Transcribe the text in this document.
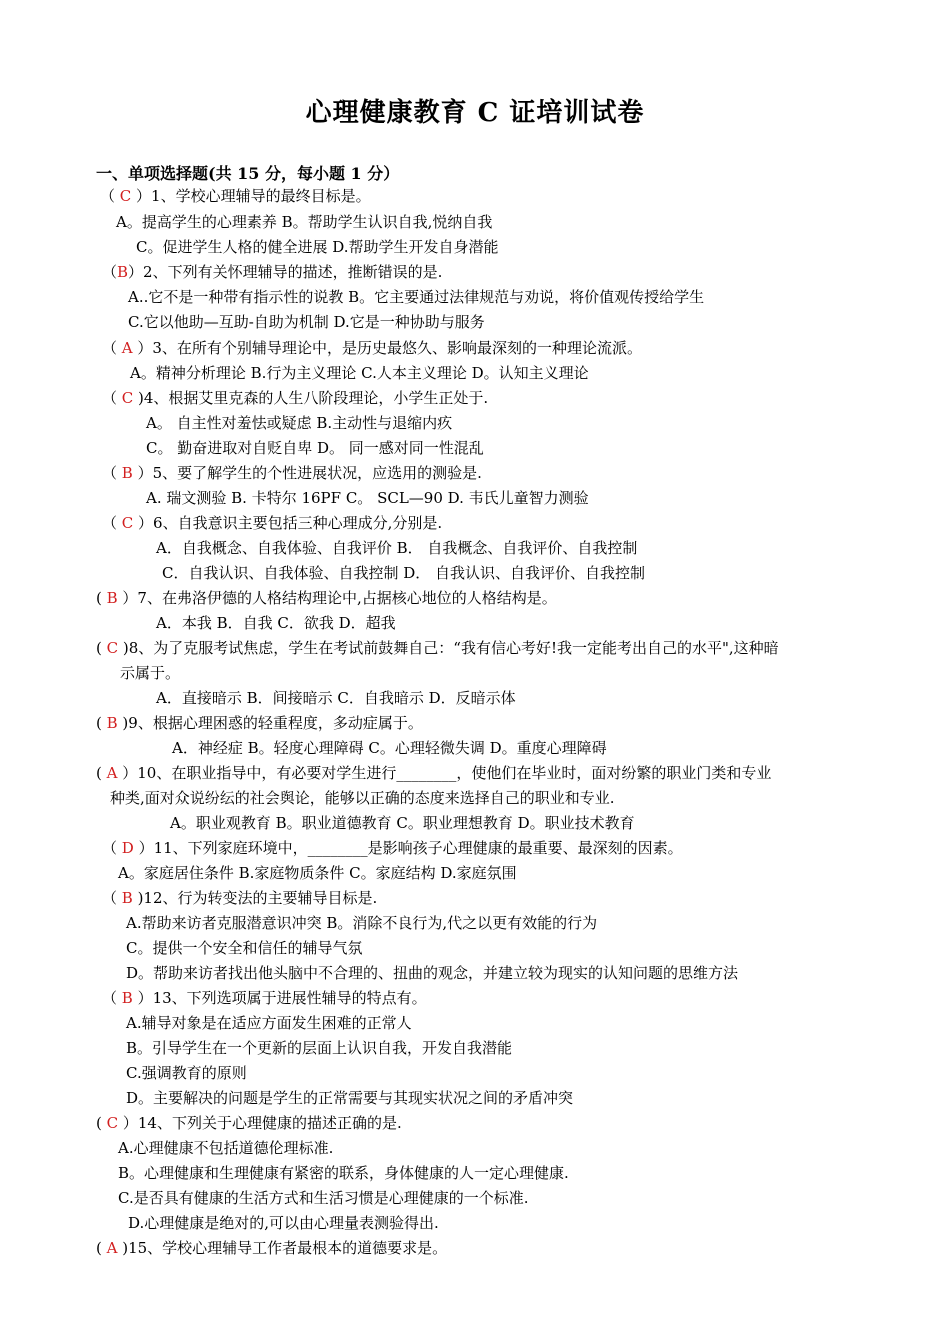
心理健康教育 C 证培训试卷
一、单项选择题(共 15 分，每小题 1 分）
（ C ）1、学校心理辅导的最终目标是。
A。提高学生的心理素养 B。帮助学生认识自我,悦纳自我
C。促进学生人格的健全进展 D.帮助学生开发自身潜能
（B）2、下列有关怀理辅导的描述，推断错误的是.
A..它不是一种带有指示性的说教 B。它主要通过法律规范与劝说，将价值观传授给学生
C.它以他助—互助-自助为机制 D.它是一种协助与服务
（ A ）3、在所有个别辅导理论中，是历史最悠久、影响最深刻的一种理论流派。
A。精神分析理论 B.行为主义理论 C.人本主义理论 D。认知主义理论
（ C )4、根据艾里克森的人生八阶段理论，小学生正处于.
A。 自主性对羞怯或疑虑 B.主动性与退缩内疚
C。 勤奋进取对自贬自卑 D。 同一感对同一性混乱
（ B ）5、要了解学生的个性进展状况，应选用的测验是.
A. 瑞文测验 B. 卡特尔 16PF C。 SCL—90 D. 韦氏儿童智力测验
（ C ）6、自我意识主要包括三种心理成分,分别是.
A．自我概念、自我体验、自我评价 B． 自我概念、自我评价、自我控制
C．自我认识、自我体验、自我控制 D． 自我认识、自我评价、自我控制
( B ）7、在弗洛伊德的人格结构理论中,占据核心地位的人格结构是。
A．本我 B．自我 C．欲我 D．超我
( C )8、为了克服考试焦虑，学生在考试前鼓舞自己：“我有信心考好!我一定能考出自己的水平",这种暗
示属于。
A．直接暗示 B．间接暗示 C．自我暗示 D．反暗示体
( B )9、根据心理困惑的轻重程度，多动症属于。
A．神经症 B。轻度心理障碍 C。心理轻微失调 D。重度心理障碍
( A ）10、在职业指导中，有必要对学生进行________，使他们在毕业时，面对纷繁的职业门类和专业
种类,面对众说纷纭的社会舆论，能够以正确的态度来选择自己的职业和专业.
A。职业观教育 B。职业道德教育 C。职业理想教育 D。职业技术教育
（ D ）11、下列家庭环境中，________是影响孩子心理健康的最重要、最深刻的因素。
A。家庭居住条件 B.家庭物质条件 C。家庭结构 D.家庭氛围
（ B )12、行为转变法的主要辅导目标是.
A.帮助来访者克服潜意识冲突 B。消除不良行为,代之以更有效能的行为
C。提供一个安全和信任的辅导气氛
D。帮助来访者找出他头脑中不合理的、扭曲的观念，并建立较为现实的认知问题的思维方法
（ B ）13、下列选项属于进展性辅导的特点有。
A.辅导对象是在适应方面发生困难的正常人
B。引导学生在一个更新的层面上认识自我，开发自我潜能
C.强调教育的原则
D。主要解决的问题是学生的正常需要与其现实状况之间的矛盾冲突
( C ）14、下列关于心理健康的描述正确的是.
A.心理健康不包括道德伦理标准.
B。心理健康和生理健康有紧密的联系，身体健康的人一定心理健康.
C.是否具有健康的生活方式和生活习惯是心理健康的一个标准.
D.心理健康是绝对的,可以由心理量表测验得出.
( A )15、学校心理辅导工作者最根本的道德要求是。
